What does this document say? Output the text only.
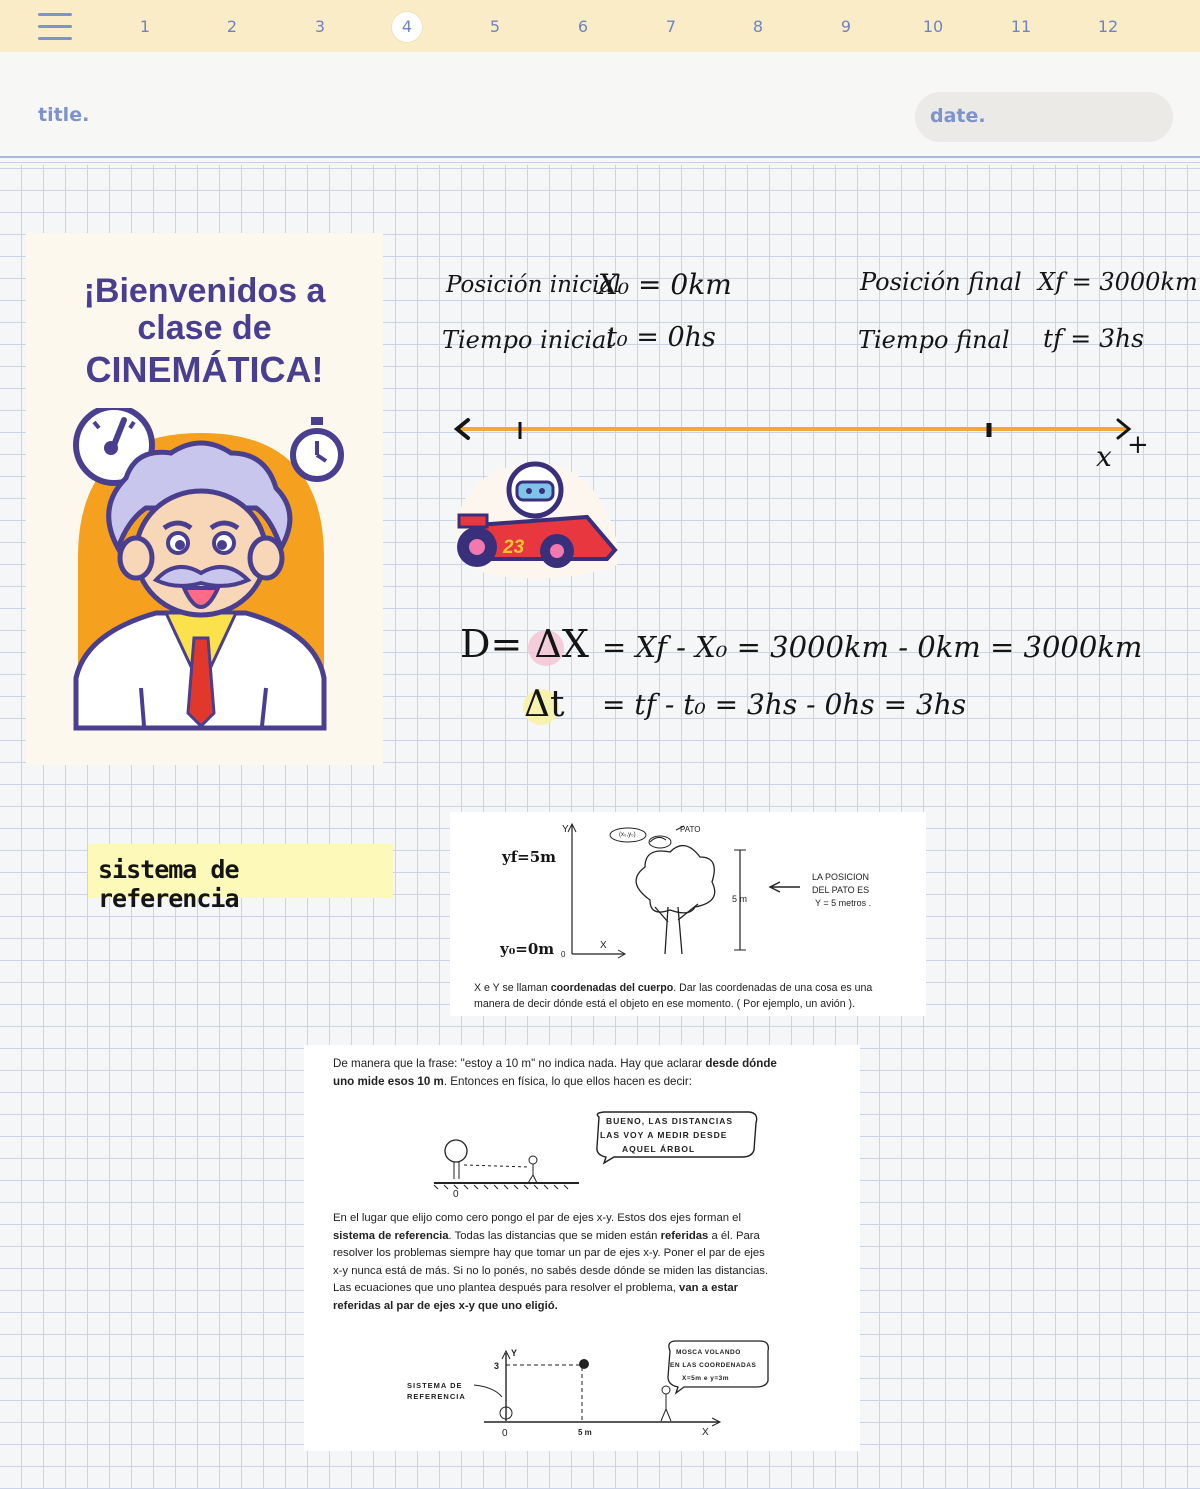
1	2	3	4	5	6	7	8	9	10	11	12
title.	date.
¡Bienvenidos a
clase de
CINEMÁTICA!
Posición inicial
X₀ = 0km
Tiempo inicial
t₀ = 0hs
Posición final Xf = 3000km
Tiempo final tf = 3hs
x +
23
D= ΔX = Xf - X₀ = 3000km - 0km = 3000km
Δt = tf - t₀ = 3hs - 0hs = 3hs
sistema de referencia
Y
X
0
(x₀,y₀)
PATO
5 m
LA POSICION
DEL PATO ES
Y = 5 metros .
yf=5m
y₀=0m
X e Y se llaman coordenadas del cuerpo. Dar las coordenadas de una cosa es una
manera de decir dónde está el objeto en ese momento. ( Por ejemplo, un avión ).
De manera que la frase: "estoy a 10 m" no indica nada. Hay que aclarar desde dónde
uno mide esos 10 m. Entonces en física, lo que ellos hacen es decir:
BUENO, LAS DISTANCIAS
LAS VOY A MEDIR DESDE
AQUEL ÁRBOL
0
En el lugar que elijo como cero pongo el par de ejes x-y. Estos dos ejes forman el
sistema de referencia. Todas las distancias que se miden están referidas a él. Para
resolver los problemas siempre hay que tomar un par de ejes x-y. Poner el par de ejes
x-y nunca está de más. Si no lo ponés, no sabés desde dónde se miden las distancias.
Las ecuaciones que uno plantea después para resolver el problema, van a estar
referidas al par de ejes x-y que uno eligió.
SISTEMA DE
REFERENCIA
Y
3
0	5 m	X
MOSCA VOLANDO
EN LAS COORDENADAS
X=5m e y=3m
